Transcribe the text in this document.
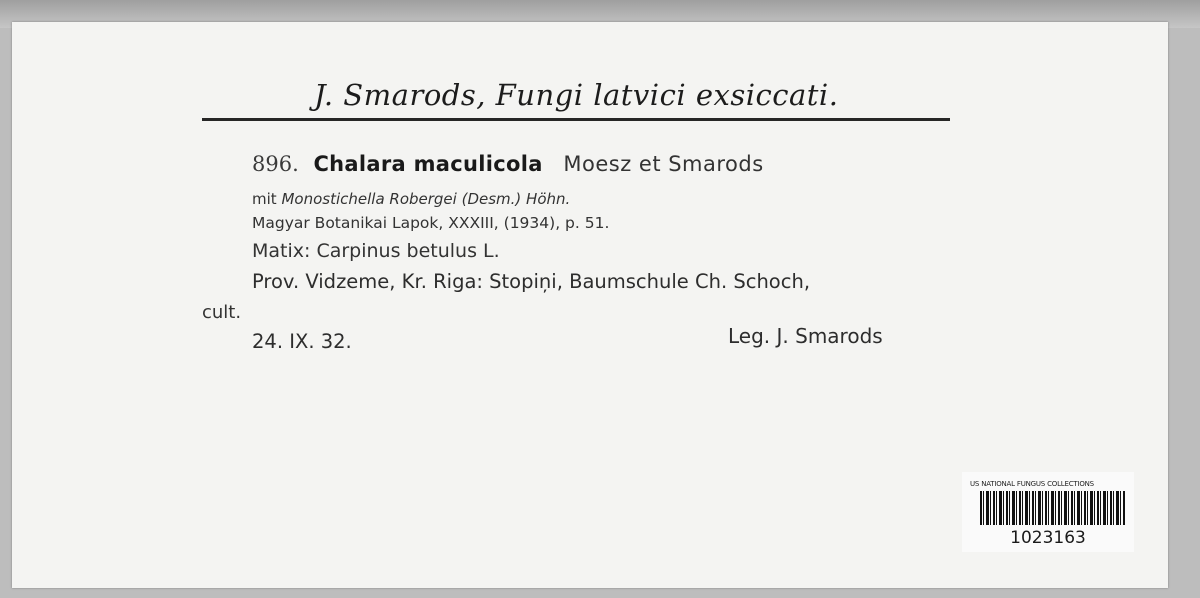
J. Smarods, Fungi latvici exsiccati.
896. Chalara maculicola Moesz et Smarods
mit Monostichella Robergei (Desm.) Höhn.
Magyar Botanikai Lapok, XXXIII, (1934), p. 51.
Matix: Carpinus betulus L.
Prov. Vidzeme, Kr. Riga: Stopiņi, Baumschule Ch. Schoch,
cult.
24. IX. 32.	Leg. J. Smarods
US NATIONAL FUNGUS COLLECTIONS
1023163
